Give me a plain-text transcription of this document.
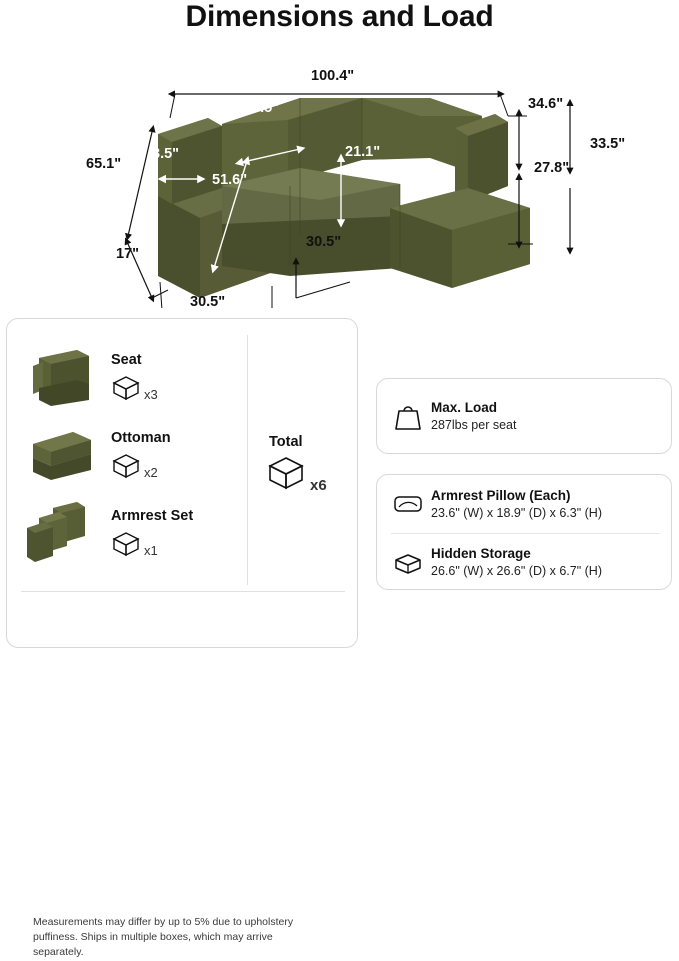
Dimensions and Load
100.4"
65.1"
17"
16.5"
3.5"
51.6"
21.1"
30.5"
30.5"
34.6"
27.8"
33.5"
Seat
x3
Ottoman
x2
Armrest Set
x1
Total
x6
Measurements may differ by up to 5% due to upholstery puffiness. Ships in multiple boxes, which may arrive separately.
Max. Load
287lbs per seat
Armrest Pillow (Each)
23.6" (W) x 18.9" (D) x 6.3" (H)
Hidden Storage
26.6" (W) x 26.6" (D) x 6.7" (H)
